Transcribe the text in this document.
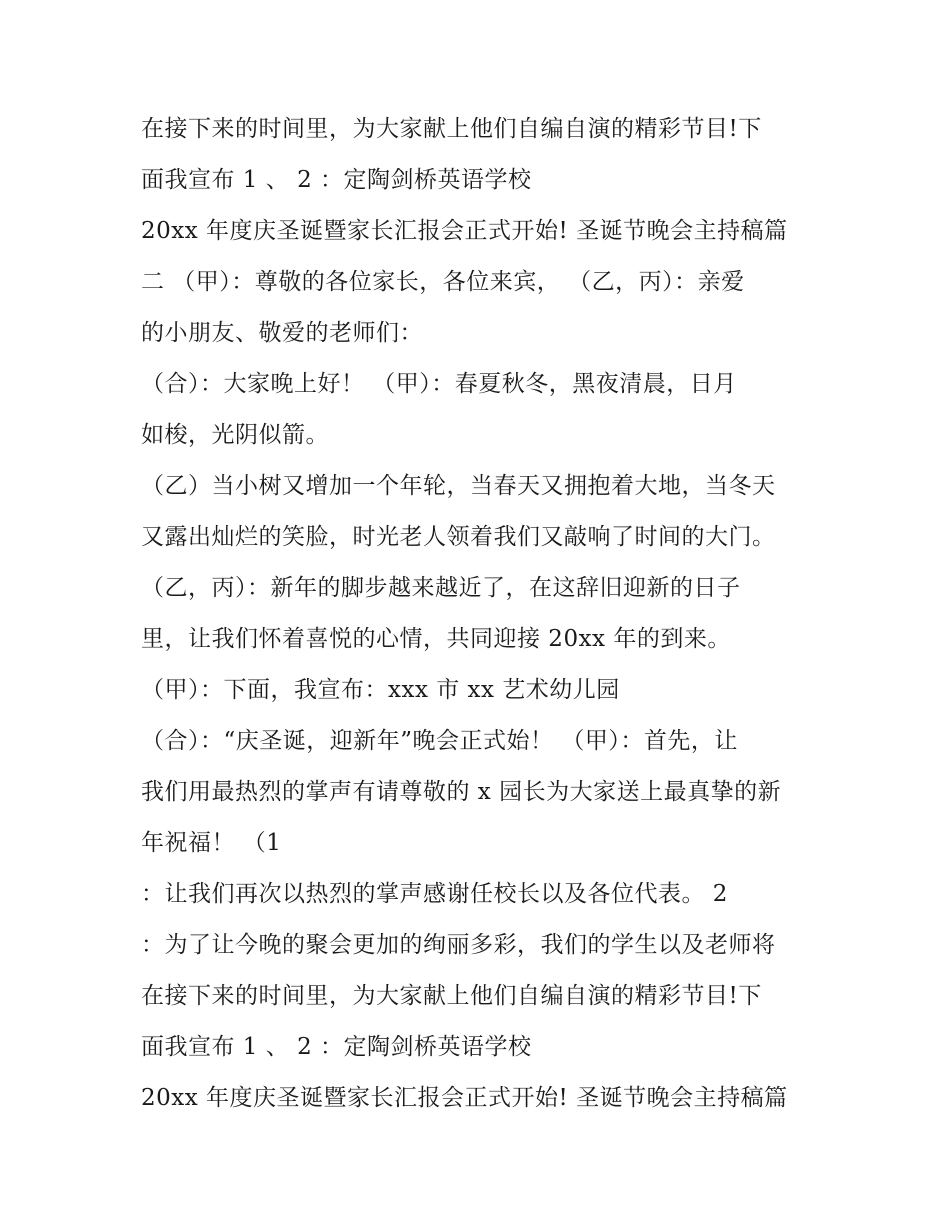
在接下来的时间里，为大家献上他们自编自演的精彩节目!下
面我宣布 1 、 2 ：定陶剑桥英语学校
20xx 年度庆圣诞暨家长汇报会正式开始! 圣诞节晚会主持稿篇
二 （甲）：尊敬的各位家长，各位来宾， （乙，丙）：亲爱
的小朋友、敬爱的老师们：
（合）：大家晚上好！ （甲）：春夏秋冬，黑夜清晨，日月
如梭，光阴似箭。
（乙）当小树又增加一个年轮，当春天又拥抱着大地，当冬天
又露出灿烂的笑脸，时光老人领着我们又敲响了时间的大门。
（乙，丙）：新年的脚步越来越近了，在这辞旧迎新的日子
里，让我们怀着喜悦的心情，共同迎接 20xx 年的到来。
（甲）：下面，我宣布：xxx 市 xx 艺术幼儿园
（合）：“庆圣诞，迎新年”晚会正式始！ （甲）：首先，让
我们用最热烈的掌声有请尊敬的 x 园长为大家送上最真挚的新
年祝福！ （1
：让我们再次以热烈的掌声感谢任校长以及各位代表。 2
：为了让今晚的聚会更加的绚丽多彩，我们的学生以及老师将
在接下来的时间里，为大家献上他们自编自演的精彩节目!下
面我宣布 1 、 2 ：定陶剑桥英语学校
20xx 年度庆圣诞暨家长汇报会正式开始! 圣诞节晚会主持稿篇
